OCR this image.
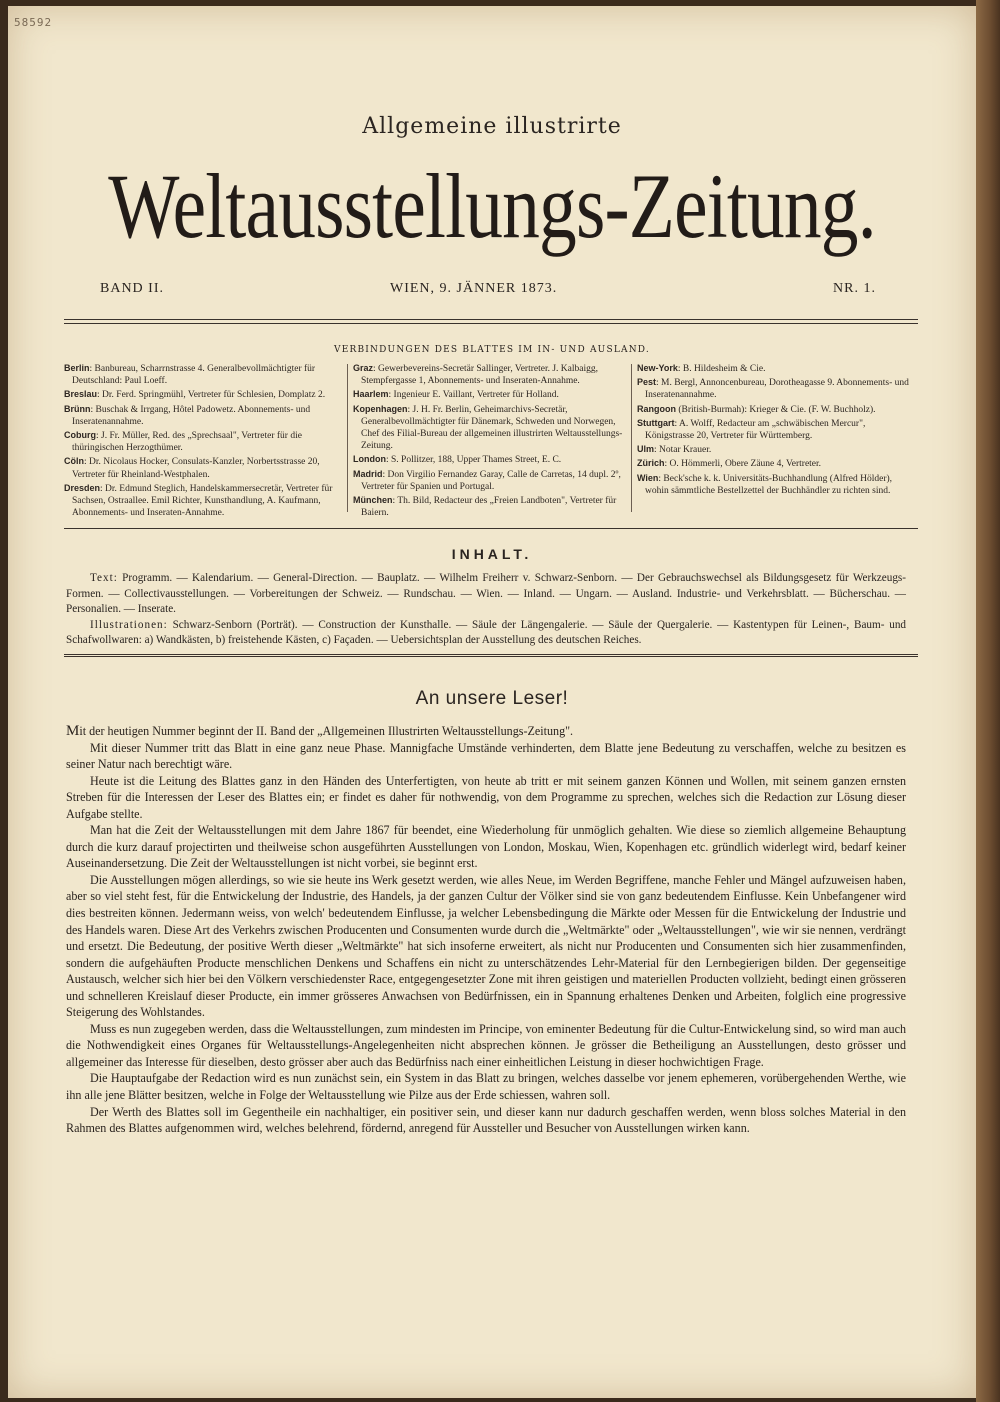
58592
Allgemeine illustrirte
Weltausstellungs-Zeitung.
BAND II.	WIEN, 9. JÄNNER 1873.	NR. 1.
VERBINDUNGEN DES BLATTES IM IN- UND AUSLAND.

Berlin: Banbureau, Scharrnstrasse 4. Generalbevollmächtigter für Deutschland: Paul Loeff.

Breslau: Dr. Ferd. Springmühl, Vertreter für Schlesien, Domplatz 2.

Brünn: Buschak & Irrgang, Hôtel Padowetz. Abonnements- und Inseratenannahme.

Coburg: J. Fr. Müller, Red. des „Sprechsaal", Vertreter für die thüringischen Herzogthümer.

Cöln: Dr. Nicolaus Hocker, Consulats-Kanzler, Norbertsstrasse 20, Vertreter für Rheinland-Westphalen.

Dresden: Dr. Edmund Steglich, Handelskammersecretär, Vertreter für Sachsen, Ostraallee. Emil Richter, Kunsthandlung, A. Kaufmann, Abonnements- und Inseraten-Annahme.

Graz: Gewerbevereins-Secretär Sallinger, Vertreter. J. Kalbaigg, Stempfergasse 1, Abonnements- und Inseraten-Annahme.

Haarlem: Ingenieur E. Vaillant, Vertreter für Holland.

Kopenhagen: J. H. Fr. Berlin, Geheimarchivs-Secretär, Generalbevollmächtigter für Dänemark, Schweden und Norwegen, Chef des Filial-Bureau der allgemeinen illustrirten Weltausstellungs-Zeitung.

London: S. Pollitzer, 188, Upper Thames Street, E. C.

Madrid: Don Virgilio Fernandez Garay, Calle de Carretas, 14 dupl. 2º, Vertreter für Spanien und Portugal.

München: Th. Bild, Redacteur des „Freien Landboten", Vertreter für Baiern.

New-York: B. Hildesheim & Cie.

Pest: M. Bergl, Annoncenbureau, Dorotheagasse 9. Abonnements- und Inseratenannahme.

Rangoon (British-Burmah): Krieger & Cie. (F. W. Buchholz).

Stuttgart: A. Wolff, Redacteur am „schwäbischen Mercur", Königstrasse 20, Vertreter für Württemberg.

Ulm: Notar Krauer.

Zürich: O. Hömmerli, Obere Zäune 4, Vertreter.

Wien: Beck'sche k. k. Universitäts-Buchhandlung (Alfred Hölder), wohin sämmtliche Bestellzettel der Buchhändler zu richten sind.

INHALT.

Text: Programm. — Kalendarium. — General-Direction. — Bauplatz. — Wilhelm Freiherr v. Schwarz-Senborn. — Der Gebrauchswechsel als Bildungsgesetz für Werkzeugs-Formen. — Collectivausstellungen. — Vorbereitungen der Schweiz. — Rundschau. — Wien. — Inland. — Ungarn. — Ausland. Industrie- und Verkehrsblatt. — Bücherschau. — Personalien. — Inserate.

Illustrationen: Schwarz-Senborn (Porträt). — Construction der Kunsthalle. — Säule der Längengalerie. — Säule der Quergalerie. — Kastentypen für Leinen-, Baum- und Schafwollwaren: a) Wandkästen, b) freistehende Kästen, c) Façaden. — Uebersichtsplan der Ausstellung des deutschen Reiches.

An unsere Leser!

Mit der heutigen Nummer beginnt der II. Band der „Allgemeinen Illustrirten Weltausstellungs-Zeitung".

Mit dieser Nummer tritt das Blatt in eine ganz neue Phase. Mannigfache Umstände verhinderten, dem Blatte jene Bedeutung zu verschaffen, welche zu besitzen es seiner Natur nach berechtigt wäre.

Heute ist die Leitung des Blattes ganz in den Händen des Unterfertigten, von heute ab tritt er mit seinem ganzen Können und Wollen, mit seinem ganzen ernsten Streben für die Interessen der Leser des Blattes ein; er findet es daher für nothwendig, von dem Programme zu sprechen, welches sich die Redaction zur Lösung dieser Aufgabe stellte.

Man hat die Zeit der Weltausstellungen mit dem Jahre 1867 für beendet, eine Wiederholung für unmöglich gehalten. Wie diese so ziemlich allgemeine Behauptung durch die kurz darauf projectirten und theilweise schon ausgeführten Ausstellungen von London, Moskau, Wien, Kopenhagen etc. gründlich widerlegt wird, bedarf keiner Auseinandersetzung. Die Zeit der Weltausstellungen ist nicht vorbei, sie beginnt erst.

Die Ausstellungen mögen allerdings, so wie sie heute ins Werk gesetzt werden, wie alles Neue, im Werden Begriffene, manche Fehler und Mängel aufzuweisen haben, aber so viel steht fest, für die Entwickelung der Industrie, des Handels, ja der ganzen Cultur der Völker sind sie von ganz bedeutendem Einflusse. Kein Unbefangener wird dies bestreiten können. Jedermann weiss, von welch' bedeutendem Einflusse, ja welcher Lebensbedingung die Märkte oder Messen für die Entwickelung der Industrie und des Handels waren. Diese Art des Verkehrs zwischen Producenten und Consumenten wurde durch die „Weltmärkte" oder „Weltausstellungen", wie wir sie nennen, verdrängt und ersetzt. Die Bedeutung, der positive Werth dieser „Weltmärkte" hat sich insoferne erweitert, als nicht nur Producenten und Consumenten sich hier zusammenfinden, sondern die aufgehäuften Producte menschlichen Denkens und Schaffens ein nicht zu unterschätzendes Lehr-Material für den Lernbegierigen bilden. Der gegenseitige Austausch, welcher sich hier bei den Völkern verschiedenster Race, entgegengesetzter Zone mit ihren geistigen und materiellen Producten vollzieht, bedingt einen grösseren und schnelleren Kreislauf dieser Producte, ein immer grösseres Anwachsen von Bedürfnissen, ein in Spannung erhaltenes Denken und Arbeiten, folglich eine progressive Steigerung des Wohlstandes.

Muss es nun zugegeben werden, dass die Weltausstellungen, zum mindesten im Principe, von eminenter Bedeutung für die Cultur-Entwickelung sind, so wird man auch die Nothwendigkeit eines Organes für Weltausstellungs-Angelegenheiten nicht absprechen können. Je grösser die Betheiligung an Ausstellungen, desto grösser und allgemeiner das Interesse für dieselben, desto grösser aber auch das Bedürfniss nach einer einheitlichen Leistung in dieser hochwichtigen Frage.

Die Hauptaufgabe der Redaction wird es nun zunächst sein, ein System in das Blatt zu bringen, welches dasselbe vor jenem ephemeren, vorübergehenden Werthe, wie ihn alle jene Blätter besitzen, welche in Folge der Weltausstellung wie Pilze aus der Erde schiessen, wahren soll.

Der Werth des Blattes soll im Gegentheile ein nachhaltiger, ein positiver sein, und dieser kann nur dadurch geschaffen werden, wenn bloss solches Material in den Rahmen des Blattes aufgenommen wird, welches belehrend, fördernd, anregend für Aussteller und Besucher von Ausstellungen wirken kann.
